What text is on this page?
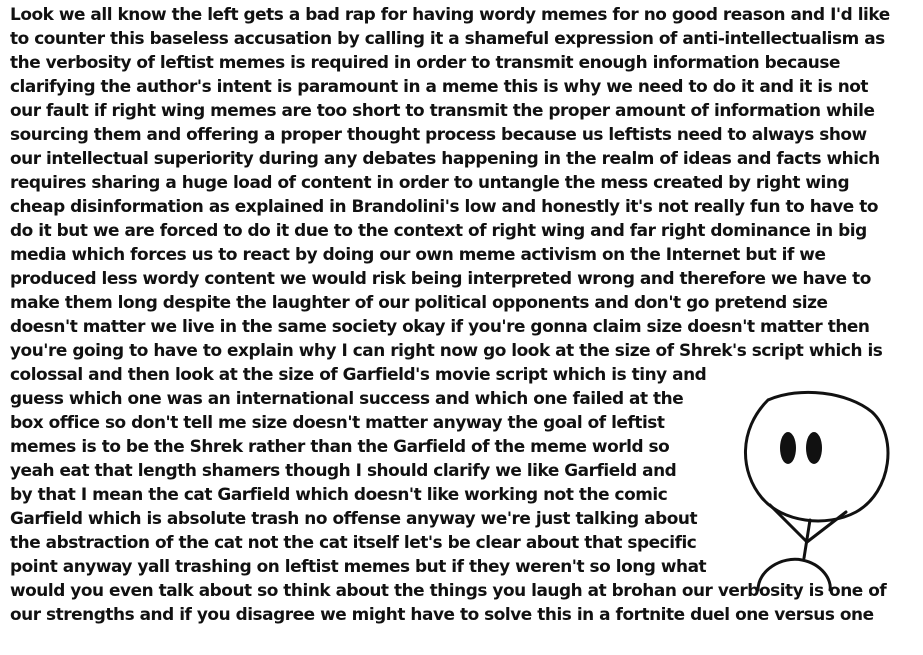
Look we all know the left gets a bad rap for having wordy memes for no good reason and I'd like
to counter this baseless accusation by calling it a shameful expression of anti-intellectualism as
the verbosity of leftist memes is required in order to transmit enough information because
clarifying the author's intent is paramount in a meme this is why we need to do it and it is not
our fault if right wing memes are too short to transmit the proper amount of information while
sourcing them and offering a proper thought process because us leftists need to always show
our intellectual superiority during any debates happening in the realm of ideas and facts which
requires sharing a huge load of content in order to untangle the mess created by right wing
cheap disinformation as explained in Brandolini's low and honestly it's not really fun to have to
do it but we are forced to do it due to the context of right wing and far right dominance in big
media which forces us to react by doing our own meme activism on the Internet but if we
produced less wordy content we would risk being interpreted wrong and therefore we have to
make them long despite the laughter of our political opponents and don't go pretend size
doesn't matter we live in the same society okay if you're gonna claim size doesn't matter then
you're going to have to explain why I can right now go look at the size of Shrek's script which is
colossal and then look at the size of Garfield's movie script which is tiny and
guess which one was an international success and which one failed at the
box office so don't tell me size doesn't matter anyway the goal of leftist
memes is to be the Shrek rather than the Garfield of the meme world so
yeah eat that length shamers though I should clarify we like Garfield and
by that I mean the cat Garfield which doesn't like working not the comic
Garfield which is absolute trash no offense anyway we're just talking about
the abstraction of the cat not the cat itself let's be clear about that specific
point anyway yall trashing on leftist memes but if they weren't so long what
would you even talk about so think about the things you laugh at brohan our verbosity is one of
our strengths and if you disagree we might have to solve this in a fortnite duel one versus one
